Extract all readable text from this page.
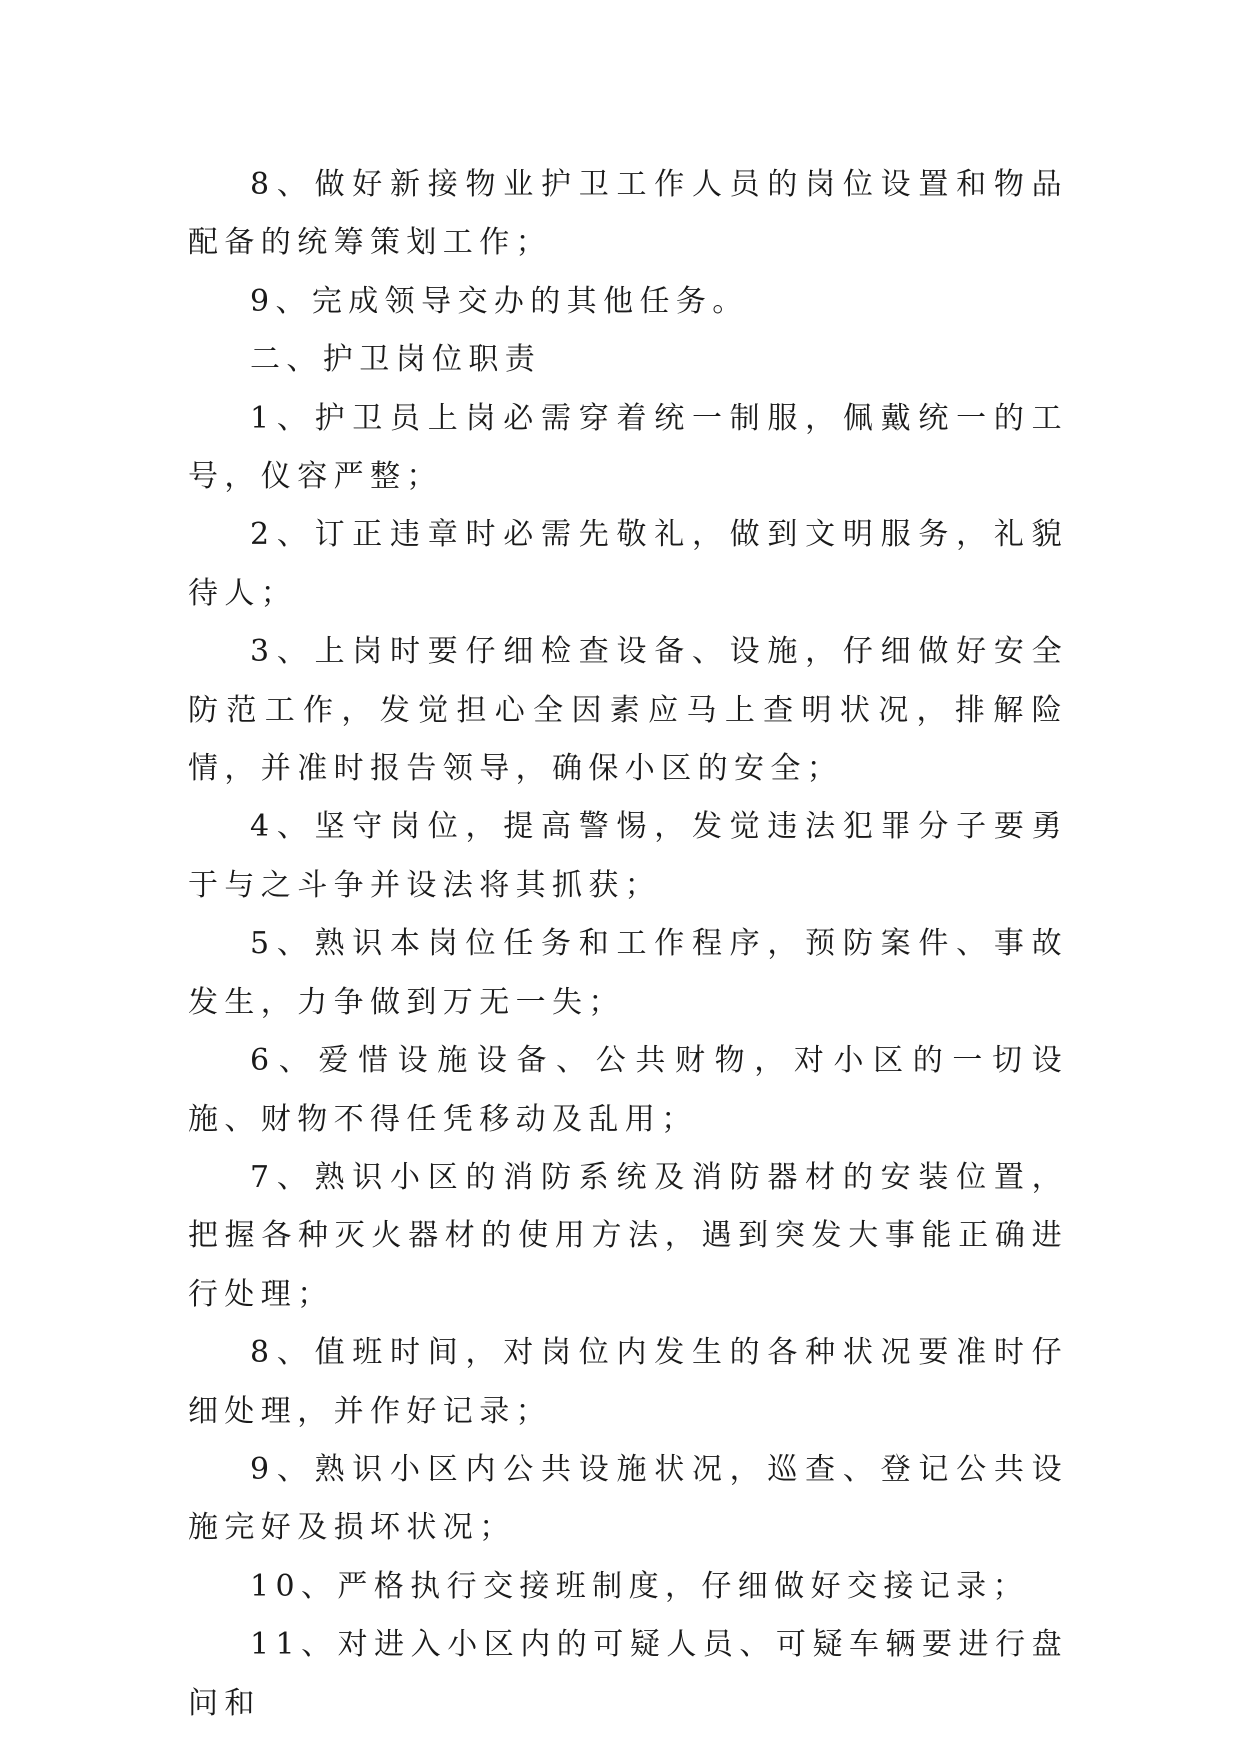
8、做好新接物业护卫工作人员的岗位设置和物品配备的统筹策划工作；

9、完成领导交办的其他任务。

二、护卫岗位职责

1、护卫员上岗必需穿着统一制服，佩戴统一的工号，仪容严整；

2、订正违章时必需先敬礼，做到文明服务，礼貌待人；

3、上岗时要仔细检查设备、设施，仔细做好安全防范工作，发觉担心全因素应马上查明状况，排解险情，并准时报告领导，确保小区的安全；

4、坚守岗位，提高警惕，发觉违法犯罪分子要勇于与之斗争并设法将其抓获；

5、熟识本岗位任务和工作程序，预防案件、事故发生，力争做到万无一失；

6、爱惜设施设备、公共财物，对小区的一切设施、财物不得任凭移动及乱用；

7、熟识小区的消防系统及消防器材的安装位置，把握各种灭火器材的使用方法，遇到突发大事能正确进行处理；

8、值班时间，对岗位内发生的各种状况要准时仔细处理，并作好记录；

9、熟识小区内公共设施状况，巡查、登记公共设施完好及损坏状况；

10、严格执行交接班制度，仔细做好交接记录；

11、对进入小区内的可疑人员、可疑车辆要进行盘问和
